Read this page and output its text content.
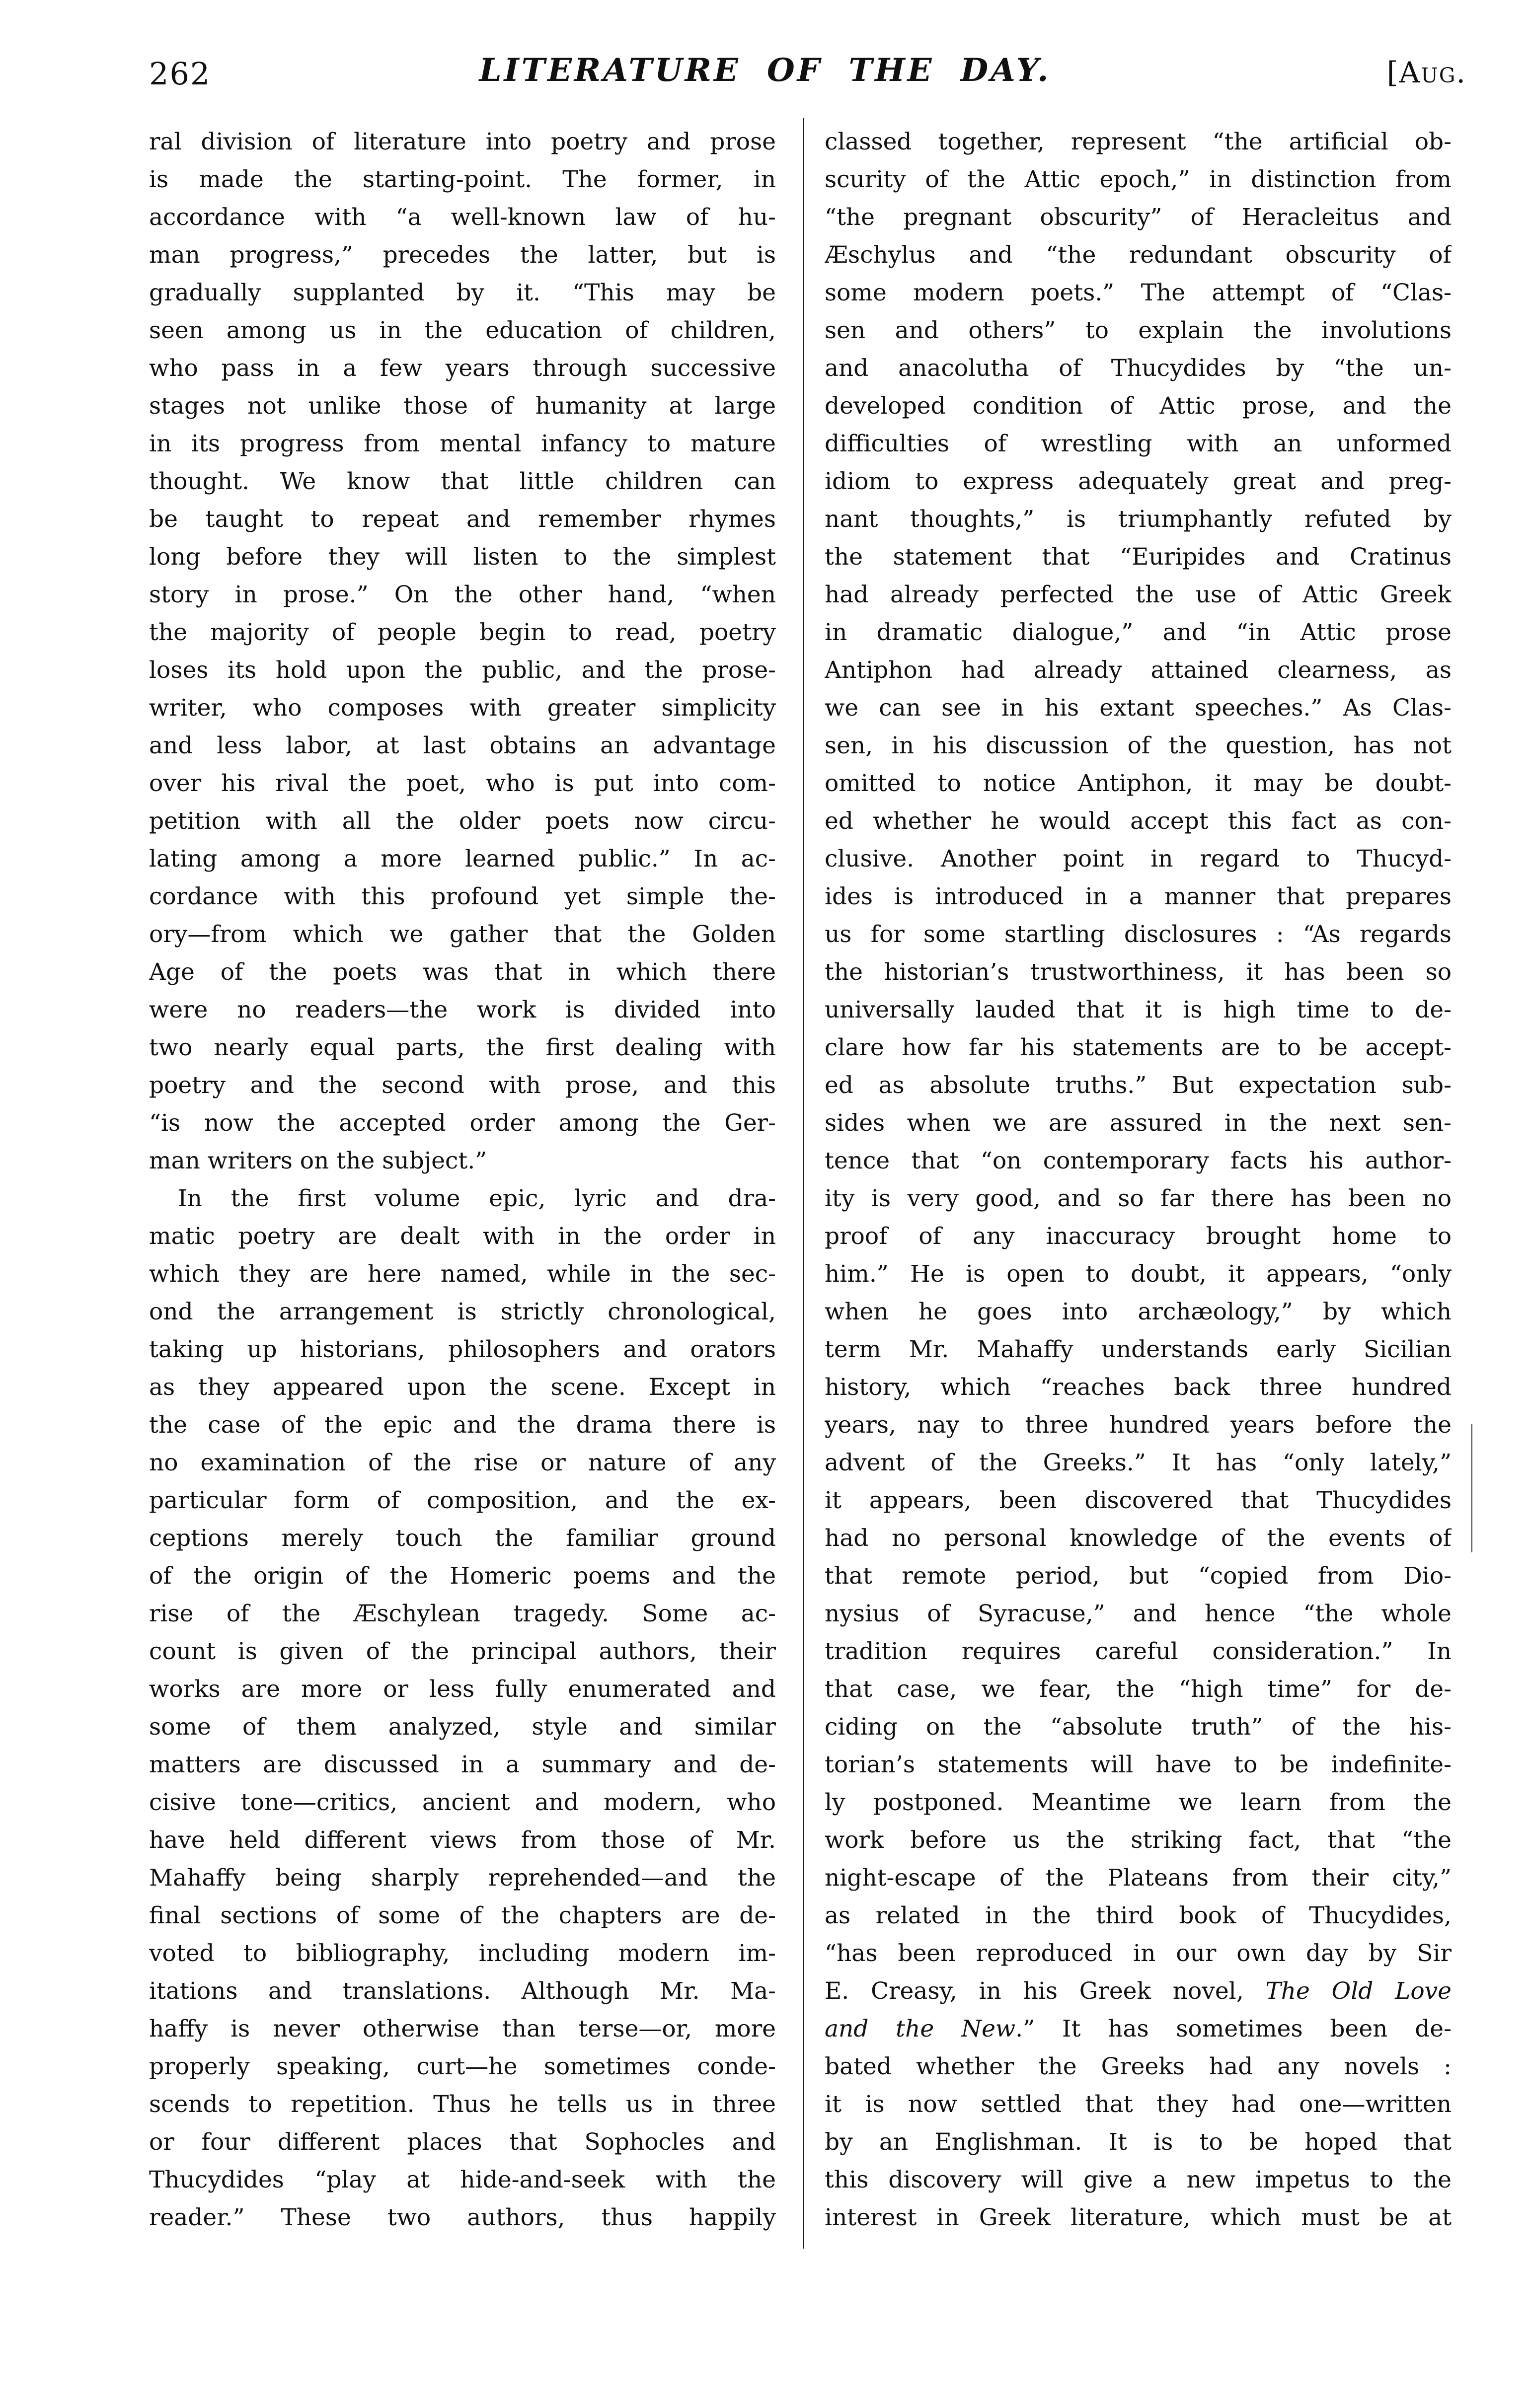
262	LITERATURE OF THE DAY.	[Aug.
ral division of literature into poetry and prose
is made the starting-point. The former, in
accordance with “a well-known law of hu-
man progress,” precedes the latter, but is
gradually supplanted by it. “This may be
seen among us in the education of children,
who pass in a few years through successive
stages not unlike those of humanity at large
in its progress from mental infancy to mature
thought. We know that little children can
be taught to repeat and remember rhymes
long before they will listen to the simplest
story in prose.” On the other hand, “when
the majority of people begin to read, poetry
loses its hold upon the public, and the prose-
writer, who composes with greater simplicity
and less labor, at last obtains an advantage
over his rival the poet, who is put into com-
petition with all the older poets now circu-
lating among a more learned public.” In ac-
cordance with this profound yet simple the-
ory—from which we gather that the Golden
Age of the poets was that in which there
were no readers—the work is divided into
two nearly equal parts, the first dealing with
poetry and the second with prose, and this
“is now the accepted order among the Ger-
man writers on the subject.”
In the first volume epic, lyric and dra-
matic poetry are dealt with in the order in
which they are here named, while in the sec-
ond the arrangement is strictly chronological,
taking up historians, philosophers and orators
as they appeared upon the scene. Except in
the case of the epic and the drama there is
no examination of the rise or nature of any
particular form of composition, and the ex-
ceptions merely touch the familiar ground
of the origin of the Homeric poems and the
rise of the Æschylean tragedy. Some ac-
count is given of the principal authors, their
works are more or less fully enumerated and
some of them analyzed, style and similar
matters are discussed in a summary and de-
cisive tone—critics, ancient and modern, who
have held different views from those of Mr.
Mahaffy being sharply reprehended—and the
final sections of some of the chapters are de-
voted to bibliography, including modern im-
itations and translations. Although Mr. Ma-
haffy is never otherwise than terse—or, more
properly speaking, curt—he sometimes conde-
scends to repetition. Thus he tells us in three
or four different places that Sophocles and
Thucydides “play at hide-and-seek with the
reader.” These two authors, thus happily
classed together, represent “the artificial ob-
scurity of the Attic epoch,” in distinction from
“the pregnant obscurity” of Heracleitus and
Æschylus and “the redundant obscurity of
some modern poets.” The attempt of “Clas-
sen and others” to explain the involutions
and anacolutha of Thucydides by “the un-
developed condition of Attic prose, and the
difficulties of wrestling with an unformed
idiom to express adequately great and preg-
nant thoughts,” is triumphantly refuted by
the statement that “Euripides and Cratinus
had already perfected the use of Attic Greek
in dramatic dialogue,” and “in Attic prose
Antiphon had already attained clearness, as
we can see in his extant speeches.” As Clas-
sen, in his discussion of the question, has not
omitted to notice Antiphon, it may be doubt-
ed whether he would accept this fact as con-
clusive. Another point in regard to Thucyd-
ides is introduced in a manner that prepares
us for some startling disclosures : “As regards
the historian’s trustworthiness, it has been so
universally lauded that it is high time to de-
clare how far his statements are to be accept-
ed as absolute truths.” But expectation sub-
sides when we are assured in the next sen-
tence that “on contemporary facts his author-
ity is very good, and so far there has been no
proof of any inaccuracy brought home to
him.” He is open to doubt, it appears, “only
when he goes into archæology,” by which
term Mr. Mahaffy understands early Sicilian
history, which “reaches back three hundred
years, nay to three hundred years before the
advent of the Greeks.” It has “only lately,”
it appears, been discovered that Thucydides
had no personal knowledge of the events of
that remote period, but “copied from Dio-
nysius of Syracuse,” and hence “the whole
tradition requires careful consideration.” In
that case, we fear, the “high time” for de-
ciding on the “absolute truth” of the his-
torian’s statements will have to be indefinite-
ly postponed. Meantime we learn from the
work before us the striking fact, that “the
night-escape of the Plateans from their city,”
as related in the third book of Thucydides,
“has been reproduced in our own day by Sir
E. Creasy, in his Greek novel, The Old Love
and the New.” It has sometimes been de-
bated whether the Greeks had any novels :
it is now settled that they had one—written
by an Englishman. It is to be hoped that
this discovery will give a new impetus to the
interest in Greek literature, which must be at
